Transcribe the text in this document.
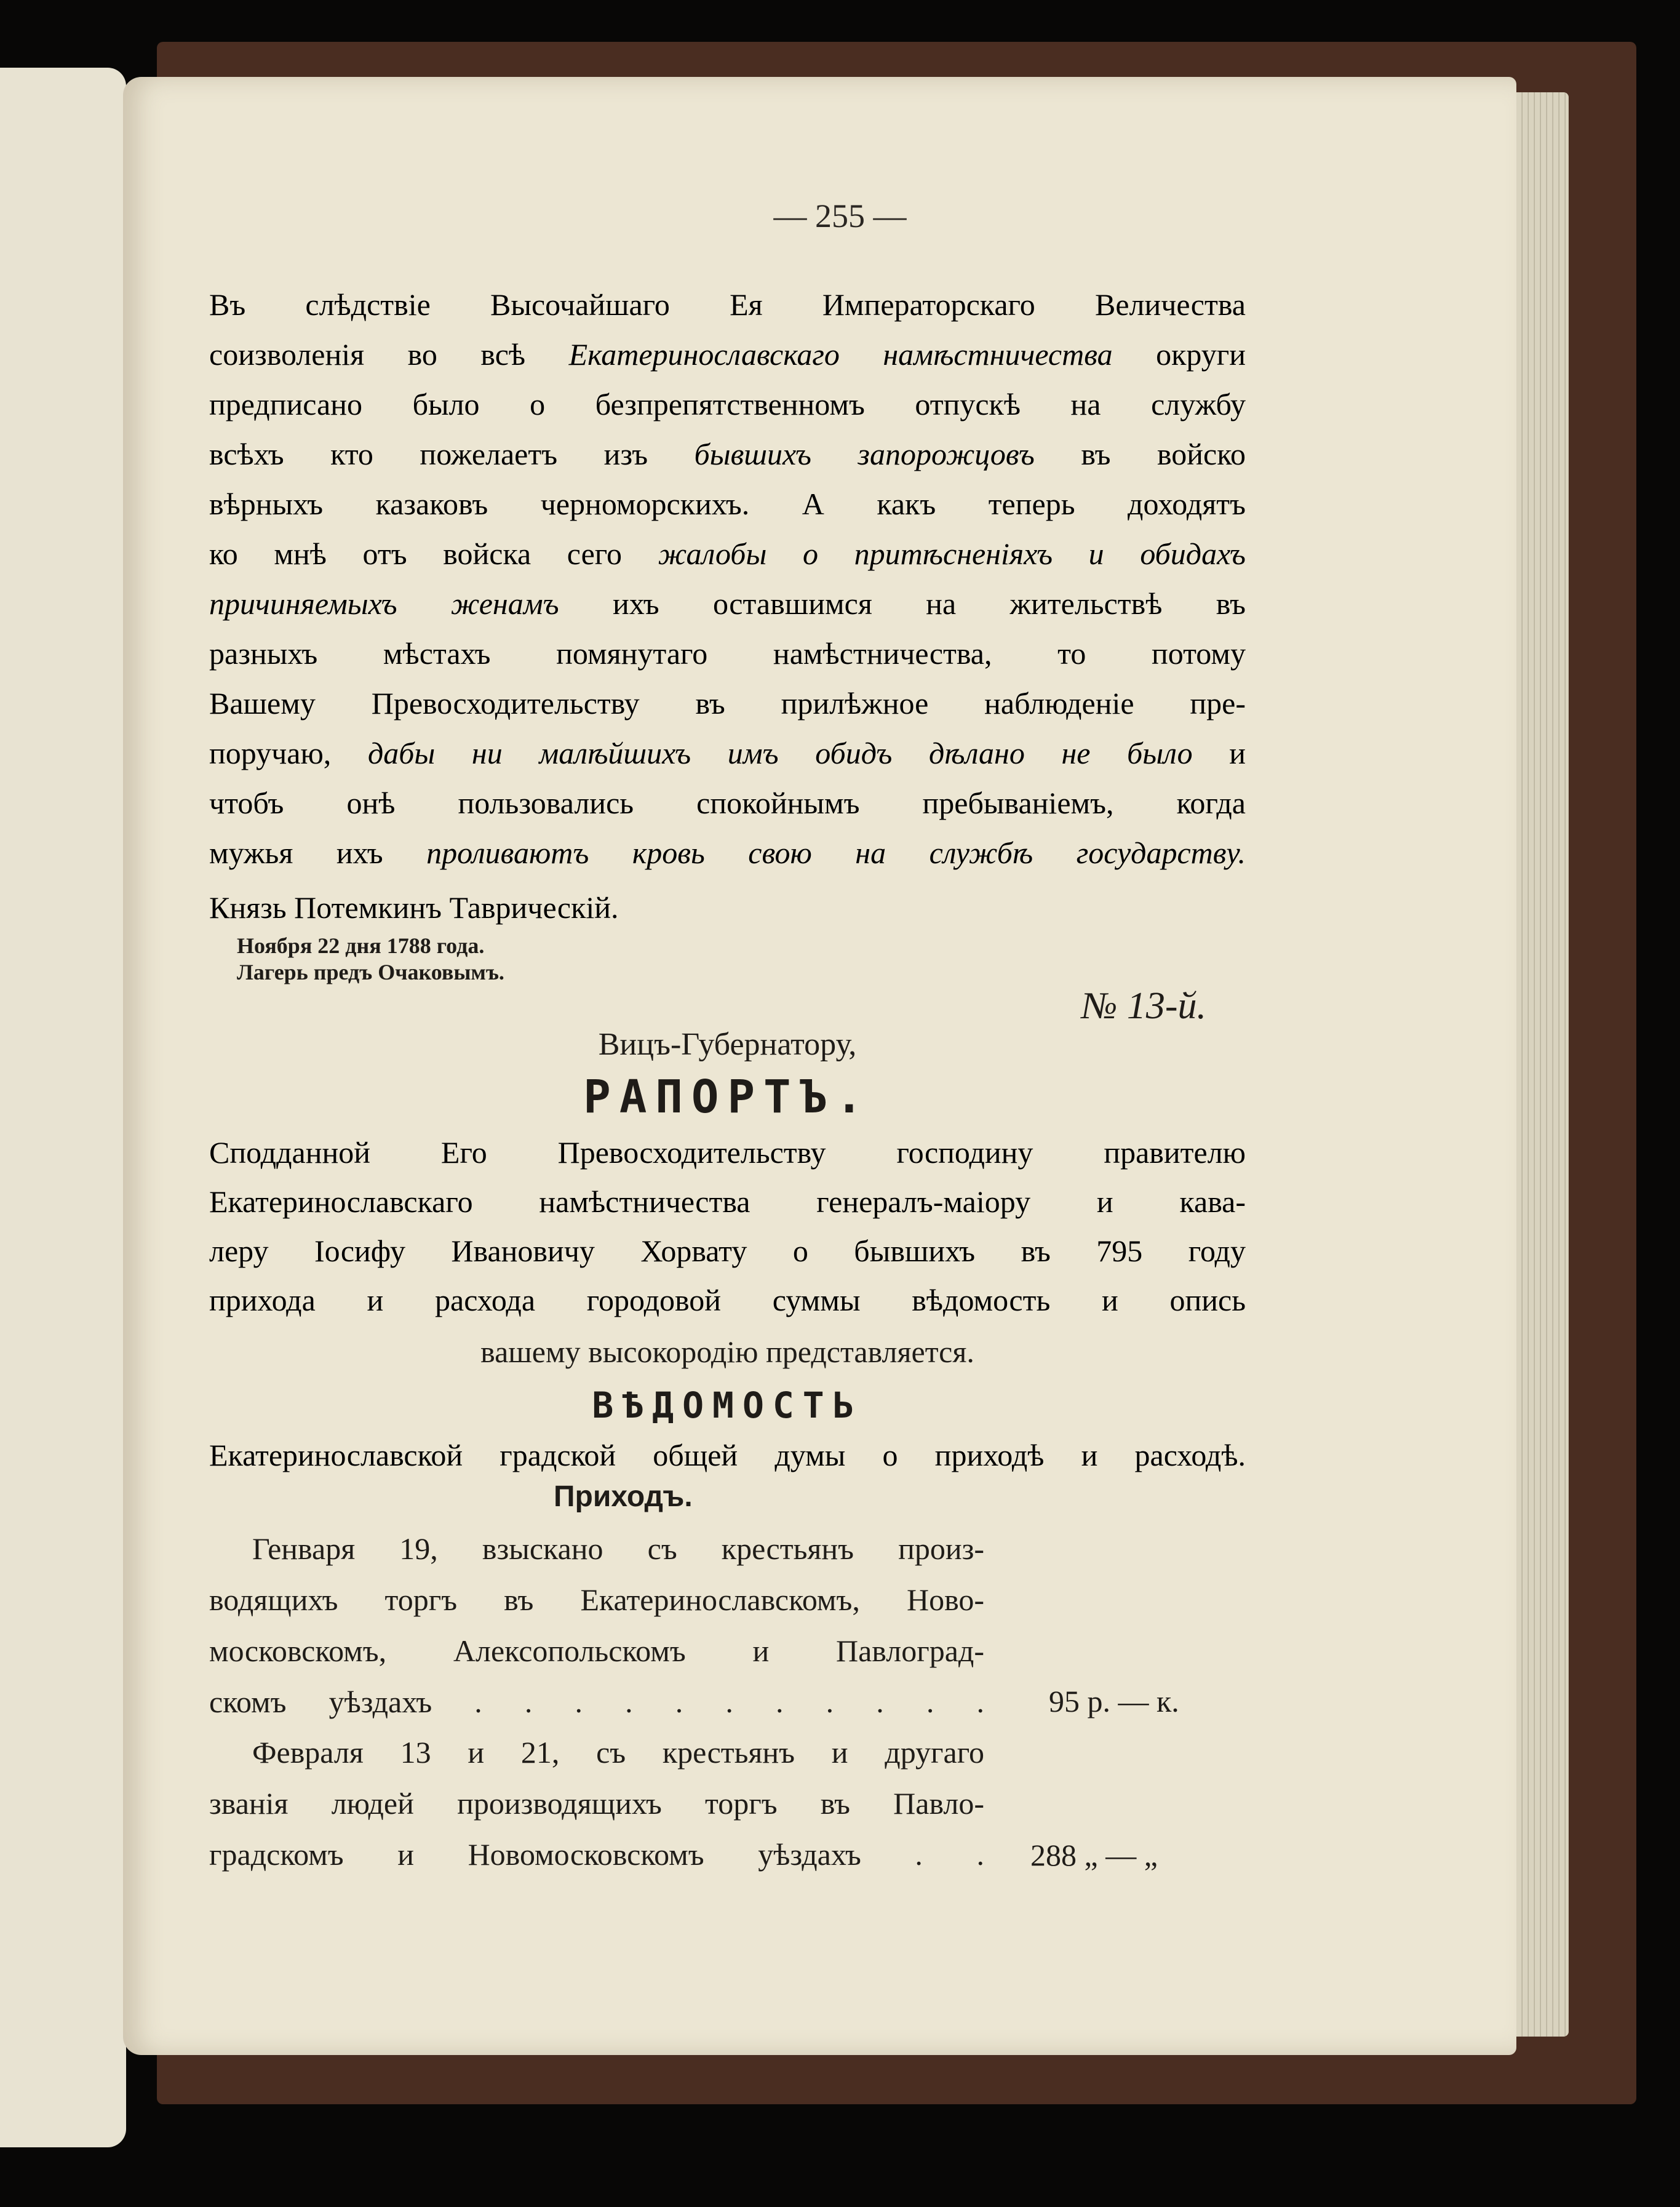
— 255 —
Въ слѣдствіе Высочайшаго Ея Императорскаго Величества
соизволенія во всѣ Екатеринославскаго намѣстничества округи
предписано было о безпрепятственномъ отпускѣ на службу
всѣхъ кто пожелаетъ изъ бывшихъ запорожцовъ въ войско
вѣрныхъ казаковъ черноморскихъ. А какъ теперь доходятъ
ко мнѣ отъ войска сего жалобы о притѣсненіяхъ и обидахъ
причиняемыхъ женамъ ихъ оставшимся на жительствѣ въ
разныхъ мѣстахъ помянутаго намѣстничества, то потому
Вашему Превосходительству въ прилѣжное наблюденіе пре-
поручаю, дабы ни малѣйшихъ имъ обидъ дѣлано не было и
чтобъ онѣ пользовались спокойнымъ пребываніемъ, когда
мужья ихъ проливаютъ кровь свою на службѣ государству.
Князь Потемкинъ Таврическій.
Ноября 22 дня 1788 года.
Лагерь предъ Очаковымъ.
№ 13-й.
Вицъ-Губернатору,
РАПОРТЪ.
Сподданной Его Превосходительству господину правителю
Екатеринославскаго намѣстничества генералъ-маіору и кава-
леру Іосифу Ивановичу Хорвату о бывшихъ въ 795 году
прихода и расхода городовой суммы вѣдомость и опись
вашему высокородію представляется.
ВѢДОМОСТЬ
Екатеринославской градской общей думы о приходѣ и расходѣ.
Приходъ.
Генваря 19, взыскано съ крестьянъ произ-
водящихъ торгъ въ Екатеринославскомъ, Ново-
московскомъ, Алексопольскомъ и Павлоград-
скомъ уѣздахъ . . . . . . . . . . . 95 р. — к.
Февраля 13 и 21, съ крестьянъ и другаго
званія людей производящихъ торгъ въ Павло-
градскомъ и Новомосковскомъ уѣздахъ . . 288 „ — „
